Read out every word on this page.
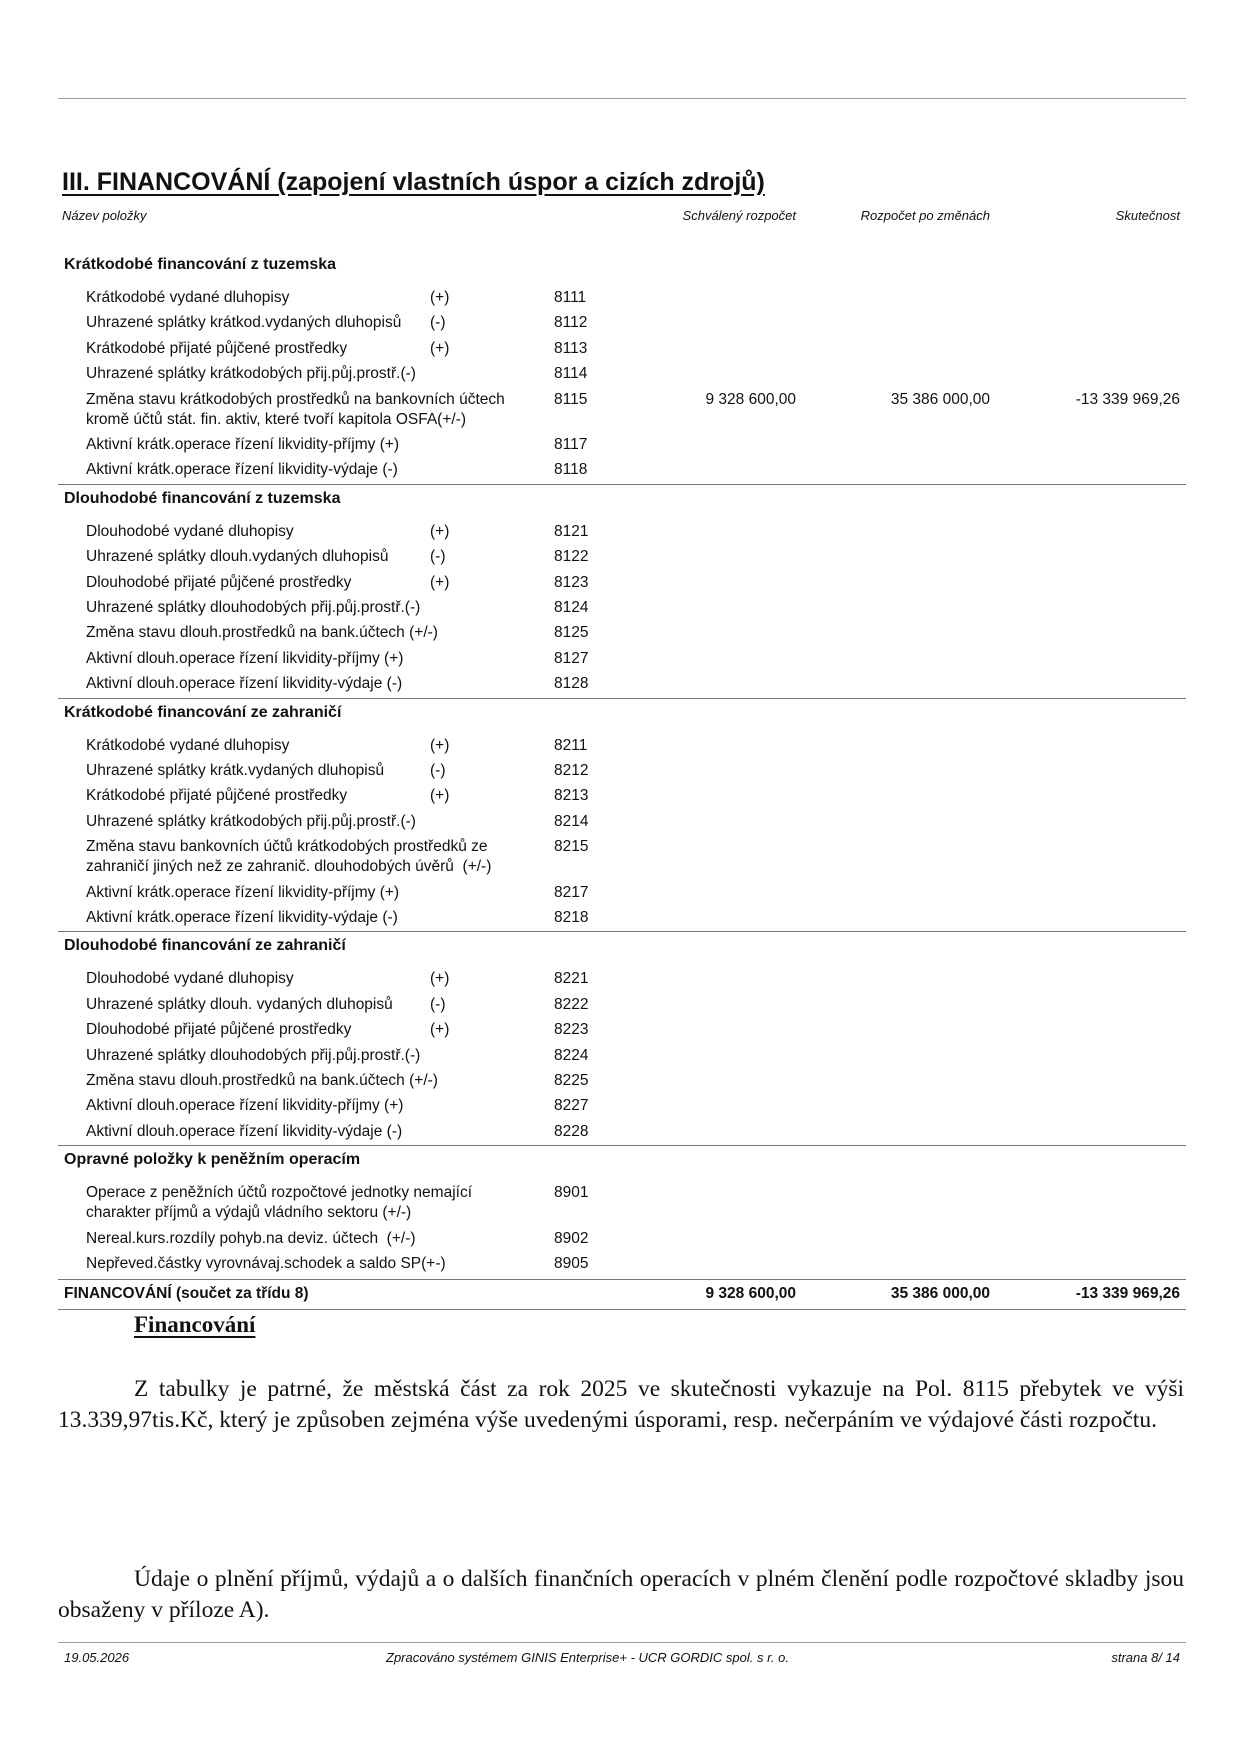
III. FINANCOVÁNÍ (zapojení vlastních úspor a cizích zdrojů)
Název položky	Schválený rozpočet	Rozpočet po změnách	Skutečnost
Krátkodobé financování z tuzemska
Krátkodobé vydané dluhopisy	(+)	8111
Uhrazené splátky krátkod.vydaných dluhopisů (-)	8112
Krátkodobé přijaté půjčené prostředky	(+)	8113
Uhrazené splátky krátkodobých přij.půj.prostř.(-)	8114
Změna stavu krátkodobých prostředků na bankovních účtech
kromě účtů stát. fin. aktiv, které tvoří kapitola OSFA(+/-)
8115	9 328 600,00	35 386 000,00	-13 339 969,26
Aktivní krátk.operace řízení likvidity-příjmy (+)	8117
Aktivní krátk.operace řízení likvidity-výdaje (-)	8118
Dlouhodobé financování z tuzemska
Dlouhodobé vydané dluhopisy	(+)	8121
Uhrazené splátky dlouh.vydaných dluhopisů	(-)	8122
Dlouhodobé přijaté půjčené prostředky	(+)	8123
Uhrazené splátky dlouhodobých přij.půj.prostř.(-)	8124
Změna stavu dlouh.prostředků na bank.účtech (+/-)	8125
Aktivní dlouh.operace řízení likvidity-příjmy (+)	8127
Aktivní dlouh.operace řízení likvidity-výdaje (-)	8128
Krátkodobé financování ze zahraničí
Krátkodobé vydané dluhopisy	(+)	8211
Uhrazené splátky krátk.vydaných dluhopisů	(-)	8212
Krátkodobé přijaté půjčené prostředky	(+)	8213
Uhrazené splátky krátkodobých přij.půj.prostř.(-)	8214
Změna stavu bankovních účtů krátkodobých prostředků ze
zahraničí jiných než ze zahranič. dlouhodobých úvěrů  (+/-)
8215
Aktivní krátk.operace řízení likvidity-příjmy (+)	8217
Aktivní krátk.operace řízení likvidity-výdaje (-)	8218
Dlouhodobé financování ze zahraničí
Dlouhodobé vydané dluhopisy	(+)	8221
Uhrazené splátky dlouh. vydaných dluhopisů (-)	8222
Dlouhodobé přijaté půjčené prostředky	(+)	8223
Uhrazené splátky dlouhodobých přij.půj.prostř.(-)	8224
Změna stavu dlouh.prostředků na bank.účtech (+/-)	8225
Aktivní dlouh.operace řízení likvidity-příjmy (+)	8227
Aktivní dlouh.operace řízení likvidity-výdaje (-)	8228
Opravné položky k peněžním operacím
Operace z peněžních účtů rozpočtové jednotky nemající
charakter příjmů a výdajů vládního sektoru (+/-)
8901
Nereal.kurs.rozdíly pohyb.na deviz. účtech  (+/-)	8902
Nepřeved.částky vyrovnávaj.schodek a saldo SP(+-)	8905
FINANCOVÁNÍ (součet za třídu 8)	9 328 600,00	35 386 000,00	-13 339 969,26
Financování
Z tabulky je patrné, že městská část za rok 2025 ve skutečnosti vykazuje na Pol. 8115 přebytek ve výši 13.339,97tis.Kč, který je způsoben zejména výše uvedenými úsporami, resp. nečerpáním ve výdajové části rozpočtu.
Údaje o plnění příjmů, výdajů a o dalších finančních operacích v plném členění podle rozpočtové skladby jsou obsaženy v příloze A).
19.05.2026	Zpracováno systémem GINIS Enterprise+ - UCR GORDIC spol. s r. o.	strana 8/ 14
